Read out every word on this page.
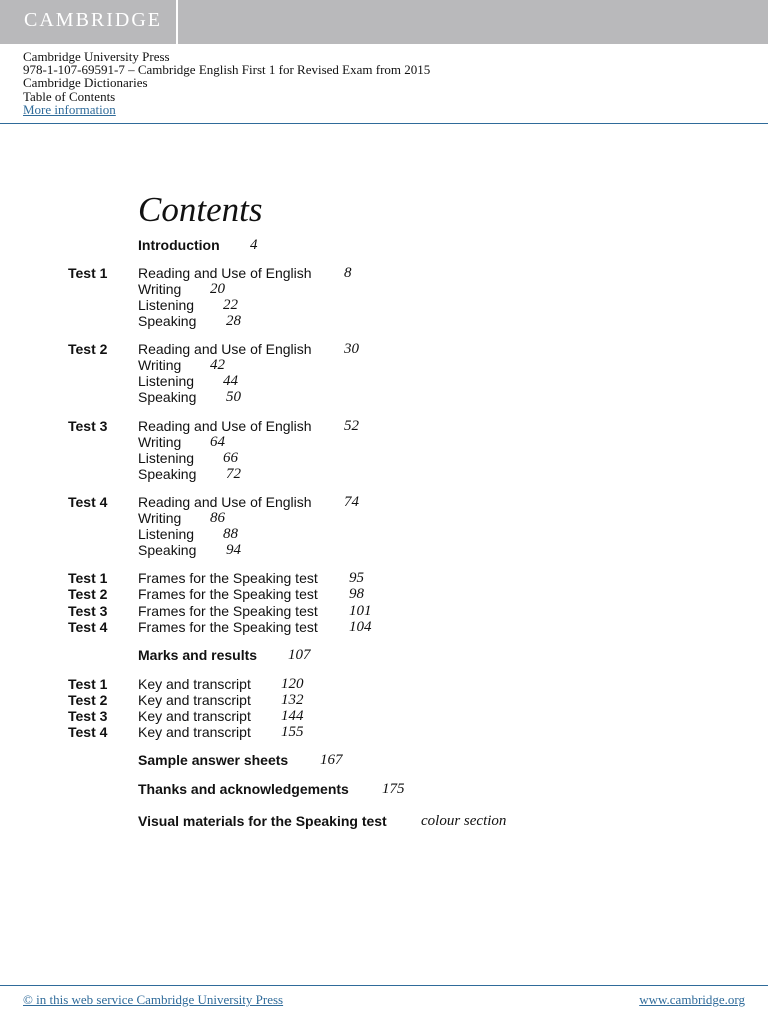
CAMBRIDGE
Cambridge University Press
978-1-107-69591-7 – Cambridge English First 1 for Revised Exam from 2015
Cambridge Dictionaries
Table of Contents
More information
Contents
Introduction 4
Test 1 Reading and Use of English 8
Writing 20
Listening 22
Speaking 28
Test 2 Reading and Use of English 30
Writing 42
Listening 44
Speaking 50
Test 3 Reading and Use of English 52
Writing 64
Listening 66
Speaking 72
Test 4 Reading and Use of English 74
Writing 86
Listening 88
Speaking 94
Test 1 Frames for the Speaking test 95
Test 2 Frames for the Speaking test 98
Test 3 Frames for the Speaking test 101
Test 4 Frames for the Speaking test 104
Marks and results 107
Test 1 Key and transcript 120
Test 2 Key and transcript 132
Test 3 Key and transcript 144
Test 4 Key and transcript 155
Sample answer sheets 167
Thanks and acknowledgements 175
Visual materials for the Speaking test colour section
© in this web service Cambridge University Press	www.cambridge.org
